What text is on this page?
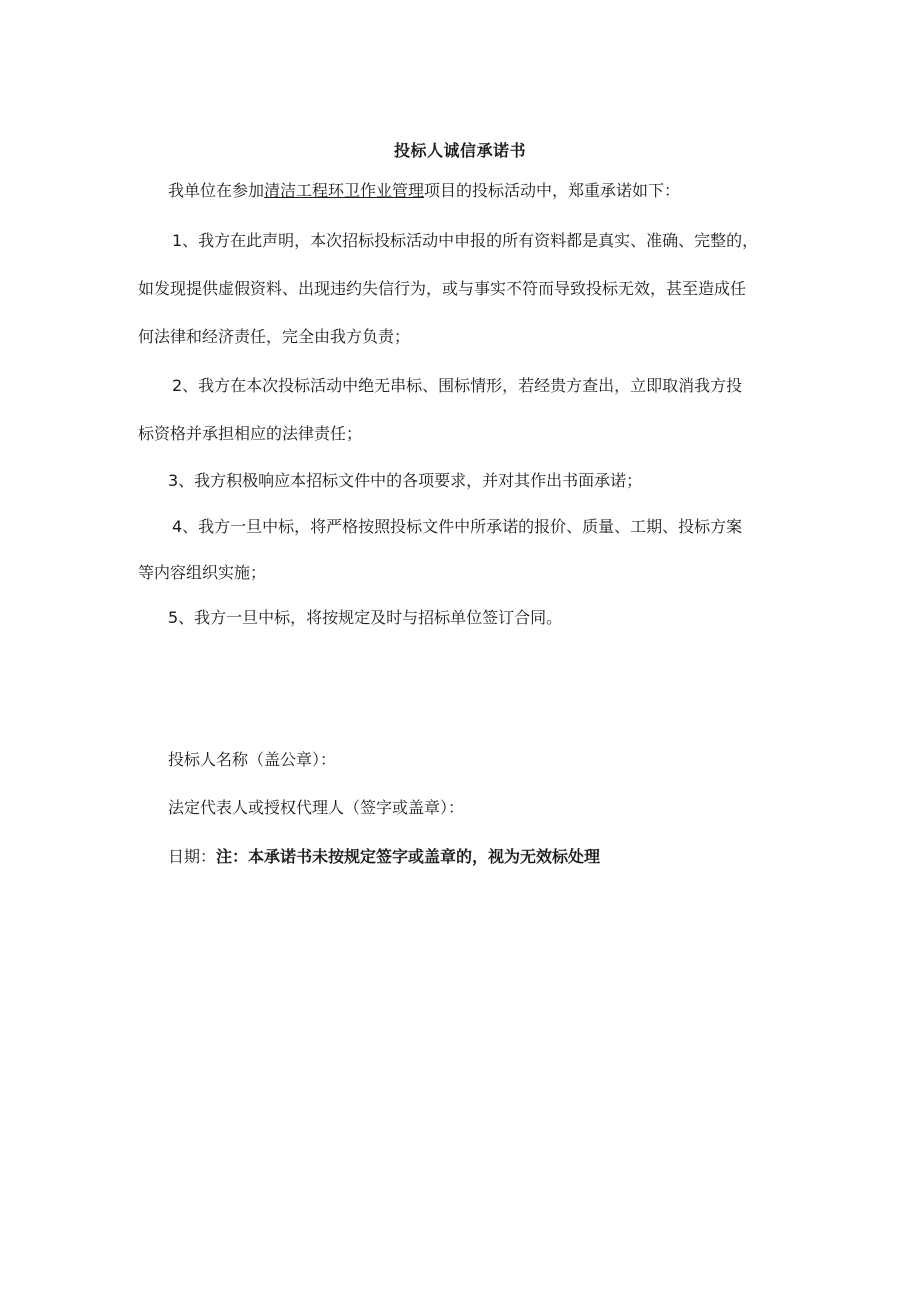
投标人诚信承诺书
我单位在参加清洁工程环卫作业管理项目的投标活动中，郑重承诺如下：
1、我方在此声明，本次招标投标活动中申报的所有资料都是真实、准确、完整的，
如发现提供虚假资料、出现违约失信行为，或与事实不符而导致投标无效，甚至造成任
何法律和经济责任，完全由我方负责；
2、我方在本次投标活动中绝无串标、围标情形，若经贵方查出，立即取消我方投
标资格并承担相应的法律责任；
3、我方积极响应本招标文件中的各项要求，并对其作出书面承诺；
4、我方一旦中标，将严格按照投标文件中所承诺的报价、质量、工期、投标方案
等内容组织实施；
5、我方一旦中标，将按规定及时与招标单位签订合同。
投标人名称（盖公章）：
法定代表人或授权代理人（签字或盖章）：
日期：注：本承诺书未按规定签字或盖章的，视为无效标处理
